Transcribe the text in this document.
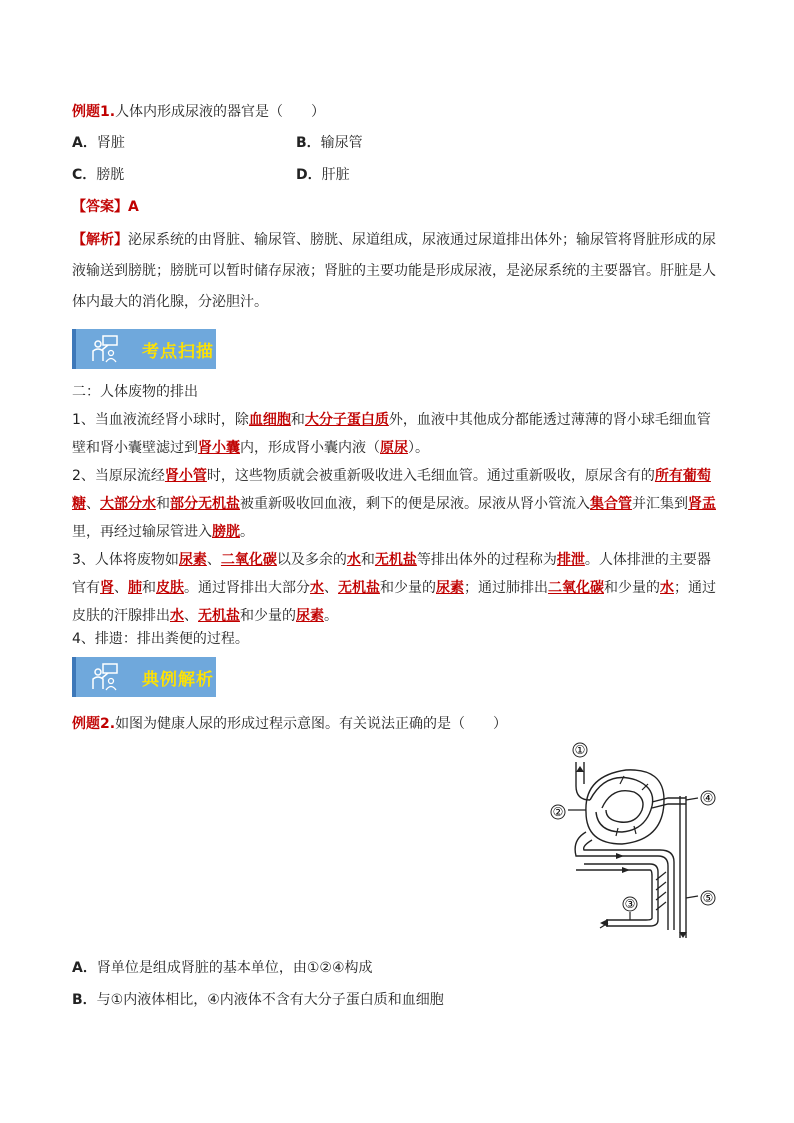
例题1.人体内形成尿液的器官是（　　）
A．肾脏	B．输尿管
C．膀胱	D．肝脏
【答案】A
【解析】泌尿系统的由肾脏、输尿管、膀胱、尿道组成，尿液通过尿道排出体外；输尿管将肾脏形成的尿液输送到膀胱；膀胱可以暂时储存尿液；肾脏的主要功能是形成尿液，是泌尿系统的主要器官。肝脏是人体内最大的消化腺，分泌胆汁。
考点扫描
二：人体废物的排出
1、当血液流经肾小球时，除血细胞和大分子蛋白质外，血液中其他成分都能透过薄薄的肾小球毛细血管壁和肾小囊壁滤过到肾小囊内，形成肾小囊内液（原尿）。
2、当原尿流经肾小管时，这些物质就会被重新吸收进入毛细血管。通过重新吸收，原尿含有的所有葡萄糖、大部分水和部分无机盐被重新吸收回血液，剩下的便是尿液。尿液从肾小管流入集合管并汇集到肾盂里，再经过输尿管进入膀胱。
3、人体将废物如尿素、二氧化碳以及多余的水和无机盐等排出体外的过程称为排泄。人体排泄的主要器官有肾、肺和皮肤。通过肾排出大部分水、无机盐和少量的尿素；通过肺排出二氧化碳和少量的水；通过皮肤的汗腺排出水、无机盐和少量的尿素。
4、排遗：排出粪便的过程。
典例解析
例题2.如图为健康人尿的形成过程示意图。有关说法正确的是（　　）
①
②
③
④
⑤
A．肾单位是组成肾脏的基本单位，由①②④构成
B．与①内液体相比，④内液体不含有大分子蛋白质和血细胞
